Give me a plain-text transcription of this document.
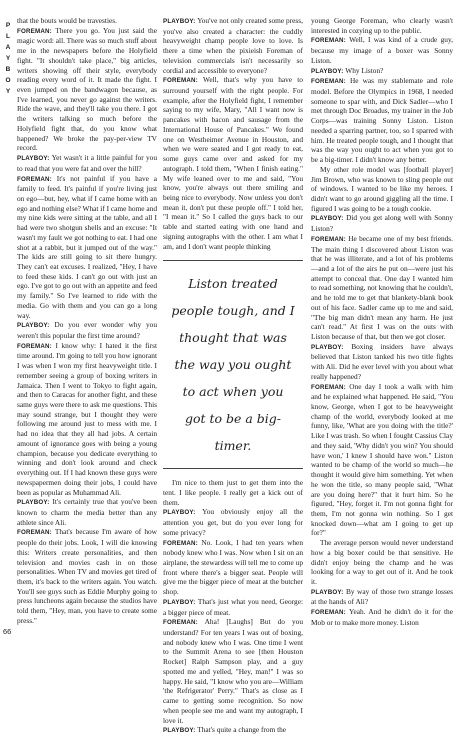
P
L
A
Y
B
O
Y

that the bouts would be travesties.

FOREMAN: There you go. You just said the magic word: all. There was so much stuff about me in the newspapers before the Holyfield fight. "It shouldn't take place," big articles, writers showing off their style, everybody reading every word of it. It made the fight. I even jumped on the bandwagon because, as I've learned, you never go against the writers. Ride the wave, and they'll take you there. I got the writers talking so much before the Holyfield fight that, do you know what happened? We broke the pay-per-view TV record.

PLAYBOY: Yet wasn't it a little painful for you to read that you were fat and over the hill?

FOREMAN: It's not painful if you have a family to feed. It's painful if you're living just on ego—but, hey, what if I came home with an ego and nothing else? What if I came home and my nine kids were sitting at the table, and all I had were two shotgun shells and an excuse: "It wasn't my fault we got nothing to eat. I had one shot at a rabbit, but it jumped out of the way." The kids are still going to sit there hungry. They can't eat excuses. I realized, "Hey, I have to feed these kids. I can't go out with just an ego. I've got to go out with an appetite and feed my family." So I've learned to ride with the media. Go with them and you can go a long way.

PLAYBOY: Do you ever wonder why you weren't this popular the first time around?

FOREMAN: I know why: I hated it the first time around. I'm going to tell you how ignorant I was when I won my first heavyweight title. I remember seeing a group of boxing writers in Jamaica. Then I went to Tokyo to fight again, and then to Caracas for another fight, and these same guys were there to ask me questions. This may sound strange, but I thought they were following me around just to mess with me. I had no idea that they all had jobs. A certain amount of ignorance goes with being a young champion, because you dedicate everything to winning and don't look around and check everything out. If I had known these guys were newspapermen doing their jobs, I could have been as popular as Muhammad Ali.

PLAYBOY: It's certainly true that you've been known to charm the media better than any athlete since Ali.

FOREMAN: That's because I'm aware of how people do their jobs. Look, I will die knowing this: Writers create personalities, and then television and movies cash in on those personalities. When TV and movies get tired of them, it's back to the writers again. You watch. You'll see guys such as Eddie Murphy going to press luncheons again because the studios have told them, "Hey, man, you have to create some press."

PLAYBOY: You've not only created some press, you've also created a character: the cuddly heavyweight champ people love to love. Is there a time when the pixieish Foreman of television commercials isn't necessarily so cordial and accessible to everyone?

FOREMAN: Well, that's why you have to surround yourself with the right people. For example, after the Holyfield fight, I remember saying to my wife, Mary, "All I want now is pancakes with bacon and sausage from the International House of Pancakes." We found one on Westheimer Avenue in Houston, and when we were seated and I got ready to eat, some guys came over and asked for my autograph. I told them, "When I finish eating." My wife leaned over to me and said, "You know, you're always out there smiling and being nice to everybody. Now unless you don't mean it, don't put these people off." I told her, "I mean it." So I called the guys back to our table and started eating with one hand and signing autographs with the other. I am what I am, and I don't want people thinking

Liston treated people tough, and I thought that was the way you ought to act when you got to be a big-timer.

I'm nice to them just to get them into the tent. I like people. I really get a kick out of them.

PLAYBOY: You obviously enjoy all the attention you get, but do you ever long for some privacy?

FOREMAN: No. Look, I had ten years when nobody knew who I was. Now when I sit on an airplane, the stewardess will tell me to come up front where there's a bigger seat. People will give me the bigger piece of meat at the butcher shop.

PLAYBOY: That's just what you need, George: a bigger piece of meat.

FOREMAN: Aha! [Laughs] But do you understand? For ten years I was out of boxing, and nobody knew who I was. One time I went to the Summit Arena to see [then Houston Rocket] Ralph Sampson play, and a guy spotted me and yelled, "Hey, man!" I was so happy. He said, "I know who you are—William 'the Refrigerator' Perry." That's as close as I came to getting some recognition. So now when people see me and want my autograph, I love it.

PLAYBOY: That's quite a change from the

young George Foreman, who clearly wasn't interested in cozying up to the public.

FOREMAN: Well, I was kind of a crude guy, because my image of a boxer was Sonny Liston.

PLAYBOY: Why Liston?

FOREMAN: He was my stablemate and role model. Before the Olympics in 1968, I needed someone to spar with, and Dick Sadler—who I met through Doc Broadus, my trainer in the Job Corps—was training Sonny Liston. Liston needed a sparring partner, too, so I sparred with him. He treated people tough, and I thought that was the way you ought to act when you got to be a big-timer. I didn't know any better.

My other role model was [football player] Jim Brown, who was known to sling people out of windows. I wanted to be like my heroes. I didn't want to go around giggling all the time. I figured I was going to be a tough cookie.

PLAYBOY: Did you get along well with Sonny Liston?

FOREMAN: He became one of my best friends. The main thing I discovered about Liston was that he was illiterate, and a lot of his problems—and a lot of the airs he put on—were just his attempt to conceal that. One day I wanted him to read something, not knowing that he couldn't, and he told me to get that blankety-blank book out of his face. Sadler came up to me and said, "The big man didn't mean any harm. He just can't read." At first I was on the outs with Liston because of that, but then we got closer.

PLAYBOY: Boxing insiders have always believed that Liston tanked his two title fights with Ali. Did he ever level with you about what really happened?

FOREMAN: One day I took a walk with him and he explained what happened. He said, "You know, George, when I got to be heavyweight champ of the world, everybody looked at me funny, like, 'What are you doing with the title?' Like I was trash. So when I fought Cassius Clay and they said, 'Why didn't you win? You should have won,' I knew I should have won." Liston wanted to be champ of the world so much—he thought it would give him something. Yet when he won the title, so many people said, "What are you doing here?" that it hurt him. So he figured, "Hey, forget it. I'm not gonna fight for them, I'm not gonna win nothing. So I get knocked down—what am I going to get up for?"

The average person would never understand how a big boxer could be that sensitive. He didn't enjoy being the champ and he was looking for a way to get out of it. And he took it.

PLAYBOY: By way of those two strange losses at the hands of Ali?

FOREMAN: Yeah. And he didn't do it for the Mob or to make more money. Liston

66
